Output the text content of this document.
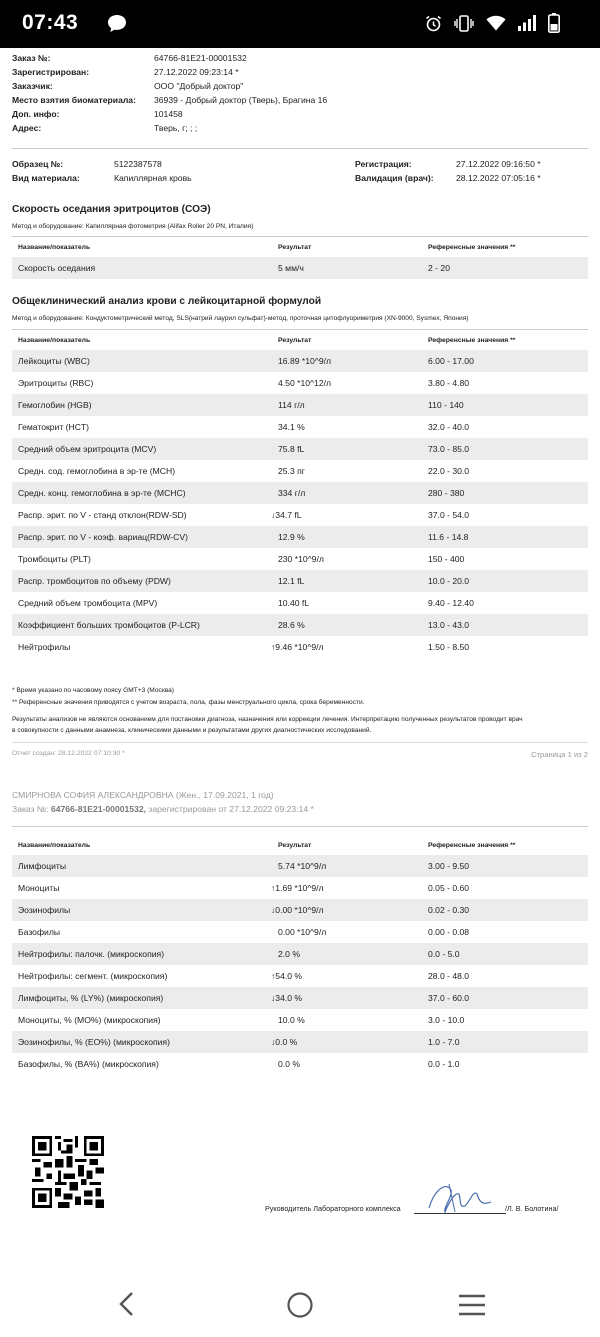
07:43
Заказ №:	64766-81E21-00001532
Зарегистрирован:	27.12.2022 09:23:14 *
Заказчик:	ООО "Добрый доктор"
Место взятия биоматериала: 36939 - Добрый доктор (Тверь), Брагина 16
Доп. инфо:	101458
Адрес:	Тверь, г; ; ;
Образец №:	5122387578
Вид материала:	Капиллярная кровь
Регистрация:	27.12.2022 09:16:50 *
Валидация (врач):	28.12.2022 07:05:16 *
Скорость оседания эритроцитов (СОЭ)
Метод и оборудование: Капиллярная фотометрия (Alifax Roller 20 PN, Италия)
Название/показатель	Результат	Референсные значения **
Скорость оседания	5 мм/ч	2 - 20
Общеклинический анализ крови с лейкоцитарной формулой
Метод и оборудование: Кондуктометрический метод, SLS(натрий лаурил сульфат)-метод, проточная цитофлуориметрия (XN-9000, Sysmex, Япония)
Название/показатель	Результат	Референсные значения **
Лейкоциты (WBC)	16.89 *10^9/л	6.00 - 17.00
Эритроциты (RBC)	4.50 *10^12/л	3.80 - 4.80
Гемоглобин (HGB)	114 г/л	110 - 140
Гематокрит (HCT)	34.1 %	32.0 - 40.0
Средний объем эритроцита (MCV)	75.8 fL	73.0 - 85.0
Средн. сод. гемоглобина в эр-те (MCH)	25.3 пг	22.0 - 30.0
Средн. конц. гемоглобина в эр-те (MCHC)	334 г/л	280 - 380
Распр. эрит. по V - станд отклон(RDW-SD)	↓34.7 fL	37.0 - 54.0
Распр. эрит. по V - коэф. вариац(RDW-CV)	12.9 %	11.6 - 14.8
Тромбоциты (PLT)	230 *10^9/л	150 - 400
Распр. тромбоцитов по объему (PDW)	12.1 fL	10.0 - 20.0
Средний объем тромбоцита (MPV)	10.40 fL	9.40 - 12.40
Коэффициент больших тромбоцитов (P-LCR)	28.6 %	13.0 - 43.0
Нейтрофилы	↑9.46 *10^9/л	1.50 - 8.50
* Время указано по часовому поясу GMT+3 (Москва)
** Референсные значения приводятся с учетом возраста, пола, фазы менструального цикла, срока беременности.
Результаты анализов не являются основанием для постановки диагноза, назначения или коррекции лечения. Интерпретацию полученных результатов проводит врач
в совокупности с данными анамнеза, клиническими данными и результатами других диагностических исследований.
Отчет создан: 28.12.2022 07:10:30 *	Страница 1 из 2
СМИРНОВА СОФИЯ АЛЕКСАНДРОВНА (Жен., 17.09.2021, 1 год)
Заказ №: 64766-81E21-00001532, зарегистрирован от 27.12.2022 09:23:14 *
Название/показатель	Результат	Референсные значения **
Лимфоциты	5.74 *10^9/л	3.00 - 9.50
Моноциты	↑1.69 *10^9/л	0.05 - 0.60
Эозинофилы	↓0.00 *10^9/л	0.02 - 0.30
Базофилы	0.00 *10^9/л	0.00 - 0.08
Нейтрофилы: палочк. (микроскопия)	2.0 %	0.0 - 5.0
Нейтрофилы: сегмент. (микроскопия)	↑54.0 %	28.0 - 48.0
Лимфоциты, % (LY%) (микроскопия)	↓34.0 %	37.0 - 60.0
Моноциты, % (MO%) (микроскопия)	10.0 %	3.0 - 10.0
Эозинофилы, % (EO%) (микроскопия)	↓0.0 %	1.0 - 7.0
Базофилы, % (BA%) (микроскопия)	0.0 %	0.0 - 1.0
Руководитель Лабораторного комплекса	/Л. В. Болотина/
